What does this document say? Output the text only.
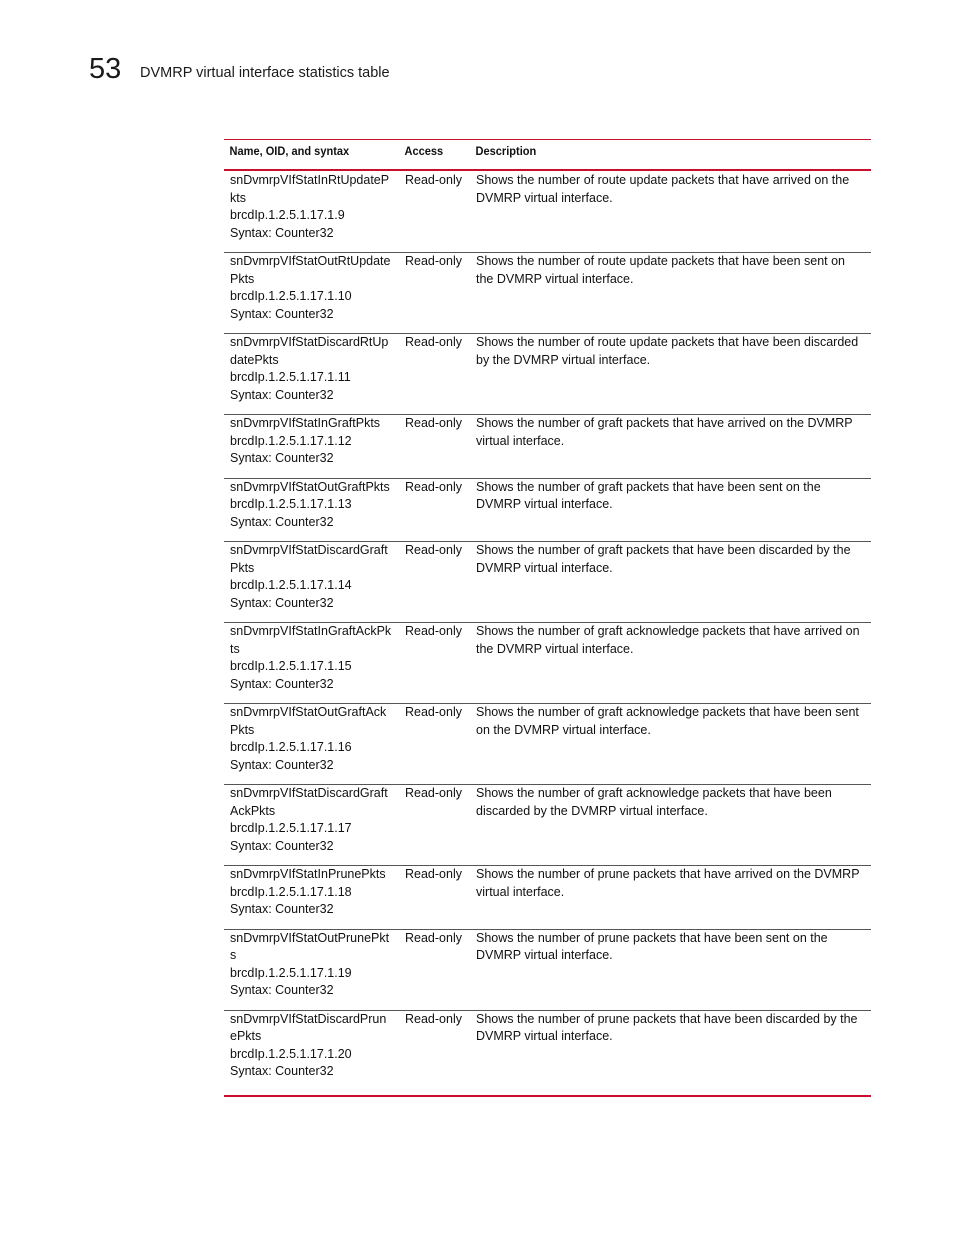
53 DVMRP virtual interface statistics table
Name, OID, and syntax	Access	Description

snDvmrpVIfStatInRtUpdateP
kts
brcdIp.1.2.5.1.17.1.9
Syntax: Counter32	Read-only	Shows the number of route update packets that have arrived on the DVMRP virtual interface.

snDvmrpVIfStatOutRtUpdate
Pkts
brcdIp.1.2.5.1.17.1.10
Syntax: Counter32	Read-only	Shows the number of route update packets that have been sent on the DVMRP virtual interface.

snDvmrpVIfStatDiscardRtUp
datePkts
brcdIp.1.2.5.1.17.1.11
Syntax: Counter32	Read-only	Shows the number of route update packets that have been discarded by the DVMRP virtual interface.

snDvmrpVIfStatInGraftPkts
brcdIp.1.2.5.1.17.1.12
Syntax: Counter32	Read-only	Shows the number of graft packets that have arrived on the DVMRP virtual interface.

snDvmrpVIfStatOutGraftPkts
brcdIp.1.2.5.1.17.1.13
Syntax: Counter32	Read-only	Shows the number of graft packets that have been sent on the DVMRP virtual interface.

snDvmrpVIfStatDiscardGraft
Pkts
brcdIp.1.2.5.1.17.1.14
Syntax: Counter32	Read-only	Shows the number of graft packets that have been discarded by the DVMRP virtual interface.

snDvmrpVIfStatInGraftAckPk
ts
brcdIp.1.2.5.1.17.1.15
Syntax: Counter32	Read-only	Shows the number of graft acknowledge packets that have arrived on the DVMRP virtual interface.

snDvmrpVIfStatOutGraftAck
Pkts
brcdIp.1.2.5.1.17.1.16
Syntax: Counter32	Read-only	Shows the number of graft acknowledge packets that have been sent on the DVMRP virtual interface.

snDvmrpVIfStatDiscardGraft
AckPkts
brcdIp.1.2.5.1.17.1.17
Syntax: Counter32	Read-only	Shows the number of graft acknowledge packets that have been discarded by the DVMRP virtual interface.

snDvmrpVIfStatInPrunePkts
brcdIp.1.2.5.1.17.1.18
Syntax: Counter32	Read-only	Shows the number of prune packets that have arrived on the DVMRP virtual interface.

snDvmrpVIfStatOutPrunePkt
s
brcdIp.1.2.5.1.17.1.19
Syntax: Counter32	Read-only	Shows the number of prune packets that have been sent on the DVMRP virtual interface.

snDvmrpVIfStatDiscardPrun
ePkts
brcdIp.1.2.5.1.17.1.20
Syntax: Counter32	Read-only	Shows the number of prune packets that have been discarded by the DVMRP virtual interface.
